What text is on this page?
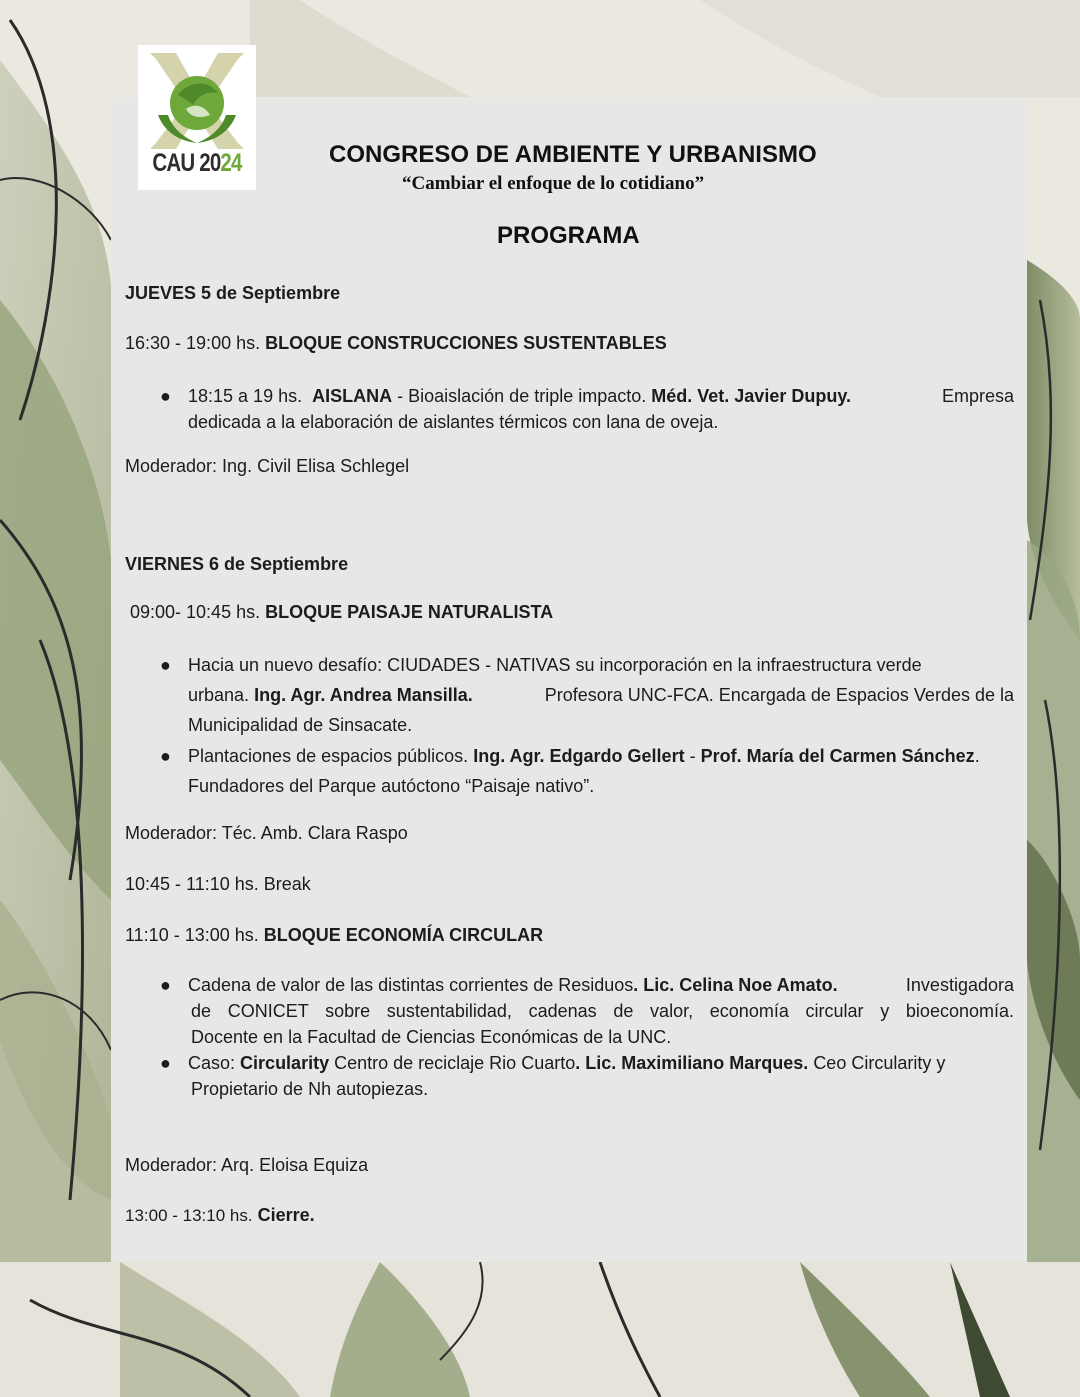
CAU 2024	CONGRESO DE AMBIENTE Y URBANISMO
“Cambiar el enfoque de lo cotidiano”
PROGRAMA
JUEVES 5 de Septiembre
16:30 - 19:00 hs. BLOQUE CONSTRUCCIONES SUSTENTABLES
● 18:15 a 19 hs. AISLANA - Bioaislación de triple impacto. Méd. Vet. Javier Dupuy.	Empresa

dedicada a la elaboración de aislantes térmicos con lana de oveja.

Moderador: Ing. Civil Elisa Schlegel
VIERNES 6 de Septiembre
09:00- 10:45 hs. BLOQUE PAISAJE NATURALISTA
● Hacia un nuevo desafío: CIUDADES - NATIVAS su incorporación en la infraestructura verde

urbana. Ing. Agr. Andrea Mansilla.	Profesora UNC-FCA. Encargada de Espacios Verdes de la

Municipalidad de Sinsacate.

● Plantaciones de espacios públicos. Ing. Agr. Edgardo Gellert - Prof. María del Carmen Sánchez.

Fundadores del Parque autóctono “Paisaje nativo”.

Moderador: Téc. Amb. Clara Raspo
10:45 - 11:10 hs. Break
11:10 - 13:00 hs. BLOQUE ECONOMÍA CIRCULAR
● Cadena de valor de las distintas corrientes de Residuos. Lic. Celina Noe Amato.	Investigadora

de CONICET sobre sustentabilidad, cadenas de valor, economía circular y bioeconomía.

Docente en la Facultad de Ciencias Económicas de la UNC.

● Caso: Circularity Centro de reciclaje Rio Cuarto. Lic. Maximiliano Marques. Ceo Circularity y

Propietario de Nh autopiezas.

Moderador: Arq. Eloisa Equiza
13:00 - 13:10 hs. Cierre.
